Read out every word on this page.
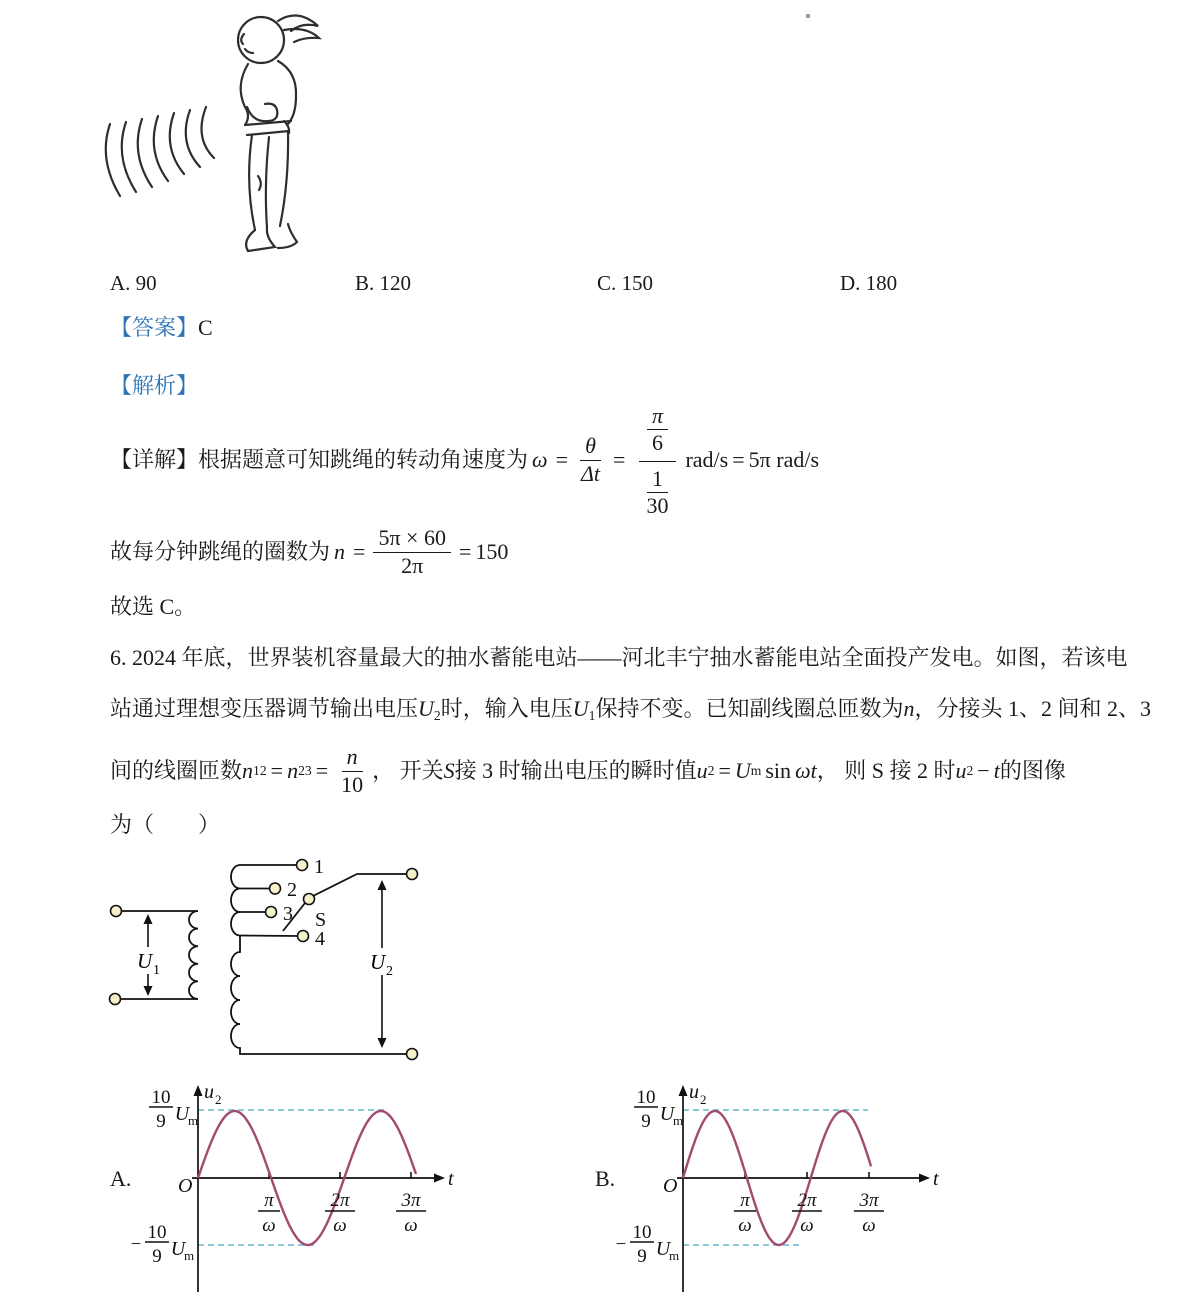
A. 90	B. 120	C. 150	D. 180
【答案】C
【解析】
【详解】 根据题意可知跳绳的转动角速度为 $\omega = \frac{\theta}{\Delta t} = \frac{\frac{\pi}{6}}{\frac{1}{30}} rad/s = 5\pi$ rad/s
故每分钟跳绳的圈数为 $n = \frac{5\pi \times 60}{2\pi} = 150$
故选 C。
6. 2024 年底，世界装机容量最大的抽水蓄能电站——河北丰宁抽水蓄能电站全面投产发电。如图，若该电
站通过理想变压器调节输出电压$U_2$时，输入电压$U_1$保持不变。已知副线圈总匝数为n，分接头 1、2 间和 2、3
间的线圈匝数 n 12 = n $23 = \frac{n}{10}$ ， 开关 S 接 3 时输出电压的瞬时值 u 2 = U m sin ωt ， 则 S 接 2 时 u 2 − t 的图像
为（　　）
U 1	U 2
1
2
3
4
S
A.	B.
O
u 2
t
10
9 U
m
−
10
9 U
m
π
ω
2π
ω
3π
ω
O
u 2
t
10
9 U
m
−
10
9 U
m
π
ω
2π
ω
3π
ω
